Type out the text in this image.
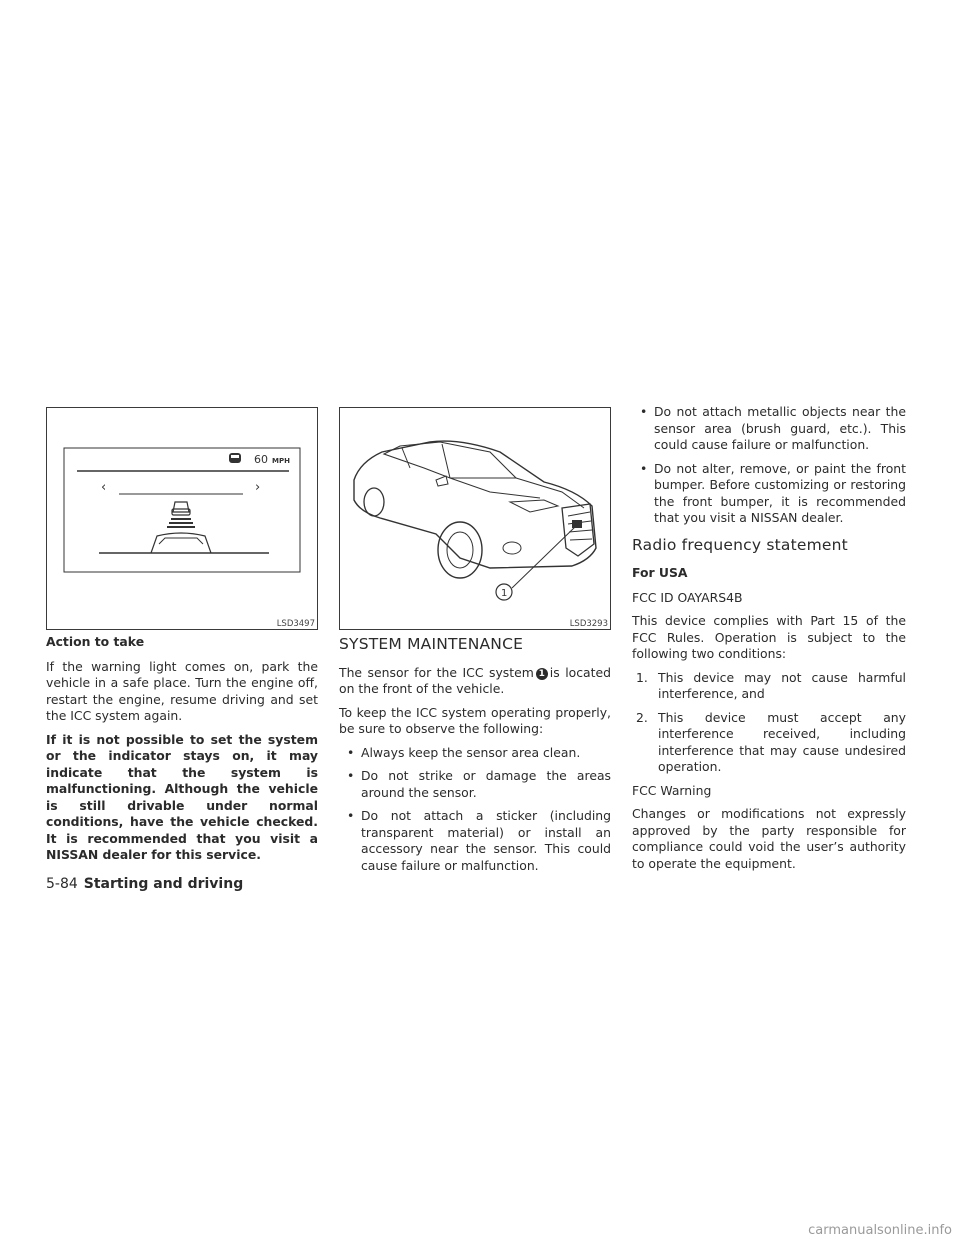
60 MPH
‹	›
LSD3497
1
LSD3293
Action to take

If the warning light comes on, park the vehicle in a safe place. Turn the engine off, restart the engine, resume driving and set the ICC system again.

If it is not possible to set the system or the indicator stays on, it may indicate that the system is malfunctioning. Although the vehicle is still drivable under normal conditions, have the vehicle checked. It is recommended that you visit a NISSAN dealer for this service.

SYSTEM MAINTENANCE

The sensor for the ICC system 1 is located on the front of the vehicle.

To keep the ICC system operating properly, be sure to observe the following:

• Always keep the sensor area clean.
• Do not strike or damage the areas around the sensor.
• Do not attach a sticker (including transparent material) or install an accessory near the sensor. This could cause failure or malfunction.
• Do not attach metallic objects near the sensor area (brush guard, etc.). This could cause failure or malfunction.
• Do not alter, remove, or paint the front bumper. Before customizing or restoring the front bumper, it is recommended that you visit a NISSAN dealer.
Radio frequency statement
For USA

FCC ID OAYARS4B

This device complies with Part 15 of the FCC Rules. Operation is subject to the following two conditions:

1. This device may not cause harmful interference, and
2. This device must accept any interference received, including interference that may cause undesired operation.

FCC Warning

Changes or modifications not expressly approved by the party responsible for compliance could void the user’s authority to operate the equipment.

5-84 Starting and driving
carmanualsonline.info
